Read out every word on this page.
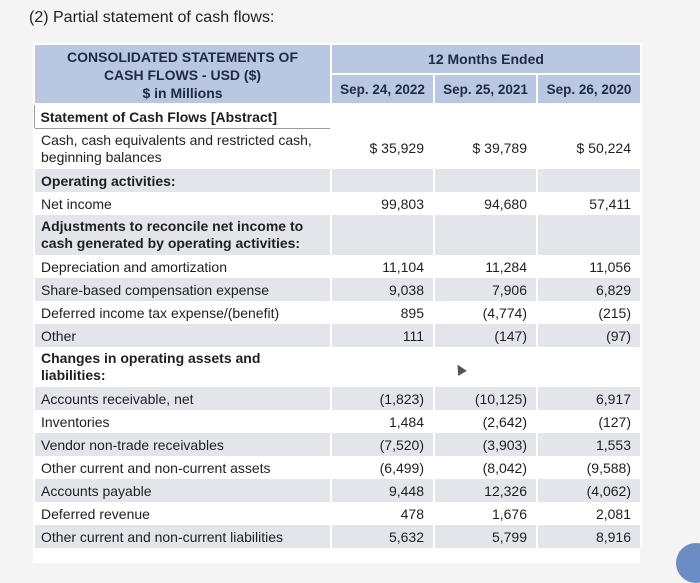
(2) Partial statement of cash flows:
CONSOLIDATED STATEMENTS OF
CASH FLOWS - USD ($)
$ in Millions	12 Months Ended		
	Sep. 24, 2022	Sep. 25, 2021	Sep. 26, 2020
Statement of Cash Flows [Abstract]			
Cash, cash equivalents and restricted cash, beginning balances	$ 35,929	$ 39,789	$ 50,224
Operating activities:			
Net income	99,803	94,680	57,411
Adjustments to reconcile net income to cash generated by operating activities:			
Depreciation and amortization	11,104	11,284	11,056
Share-based compensation expense	9,038	7,906	6,829
Deferred income tax expense/(benefit)	895	(4,774)	(215)
Other	111	(147)	(97)
Changes in operating assets and liabilities:			
Accounts receivable, net	(1,823)	(10,125)	6,917
Inventories	1,484	(2,642)	(127)
Vendor non-trade receivables	(7,520)	(3,903)	1,553
Other current and non-current assets	(6,499)	(8,042)	(9,588)
Accounts payable	9,448	12,326	(4,062)
Deferred revenue	478	1,676	2,081
Other current and non-current liabilities	5,632	5,799	8,916
